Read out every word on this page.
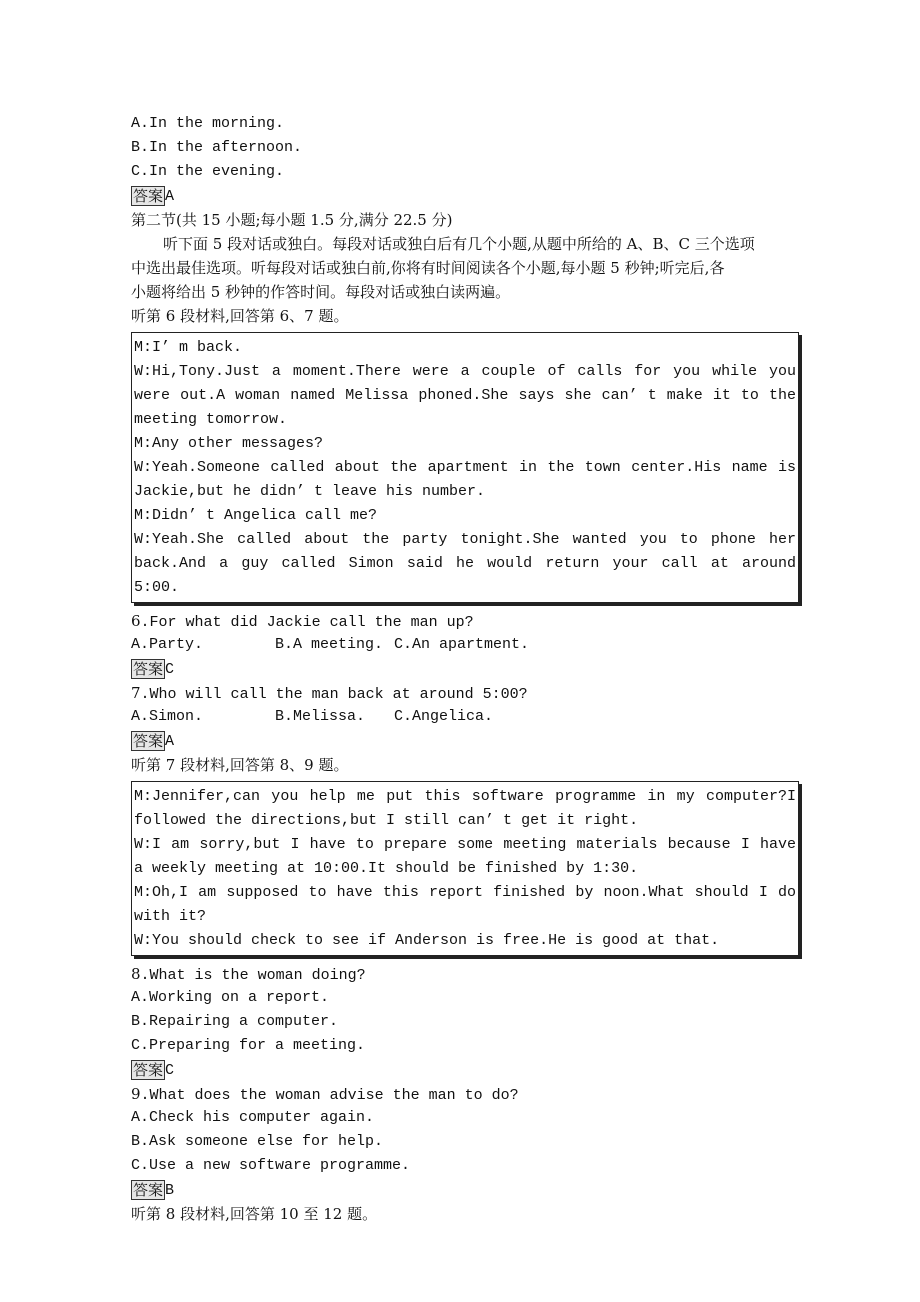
A.In the morning.
B.In the afternoon.
C.In the evening.
答案 A
第二节(共 15 小题;每小题 1.5 分,满分 22.5 分)
听下面 5 段对话或独白。每段对话或独白后有几个小题,从题中所给的 A、B、C 三个选项
中选出最佳选项。听每段对话或独白前,你将有时间阅读各个小题,每小题 5 秒钟;听完后,各
小题将给出 5 秒钟的作答时间。每段对话或独白读两遍。
听第 6 段材料,回答第 6、7 题。
M:I’ m back.
W:Hi,Tony.Just a moment.There were a couple of calls for you while you were out.A woman named Melissa phoned.She says she can’ t make it to the meeting tomorrow.
M:Any other messages?
W:Yeah.Someone called about the apartment in the town center.His name is Jackie,but he didn’ t leave his number.
M:Didn’ t Angelica call me?
W:Yeah.She called about the party tonight.She wanted you to phone her back.And a guy called Simon said he would return your call at around 5:00.
6.For what did Jackie call the man up?
A.Party.	B.A meeting. C.An apartment.
答案 C
7.Who will call the man back at around 5:00?
A.Simon.	B.Melissa.	C.Angelica.
答案 A
听第 7 段材料,回答第 8、9 题。
M:Jennifer,can you help me put this software programme in my computer?I followed the directions,but I still can’ t get it right.
W:I am sorry,but I have to prepare some meeting materials because I have a weekly meeting at 10:00.It should be finished by 1:30.
M:Oh,I am supposed to have this report finished by noon.What should I do with it?
W:You should check to see if Anderson is free.He is good at that.
8.What is the woman doing?
A.Working on a report.
B.Repairing a computer.
C.Preparing for a meeting.
答案 C
9.What does the woman advise the man to do?
A.Check his computer again.
B.Ask someone else for help.
C.Use a new software programme.
答案 B
听第 8 段材料,回答第 10 至 12 题。
